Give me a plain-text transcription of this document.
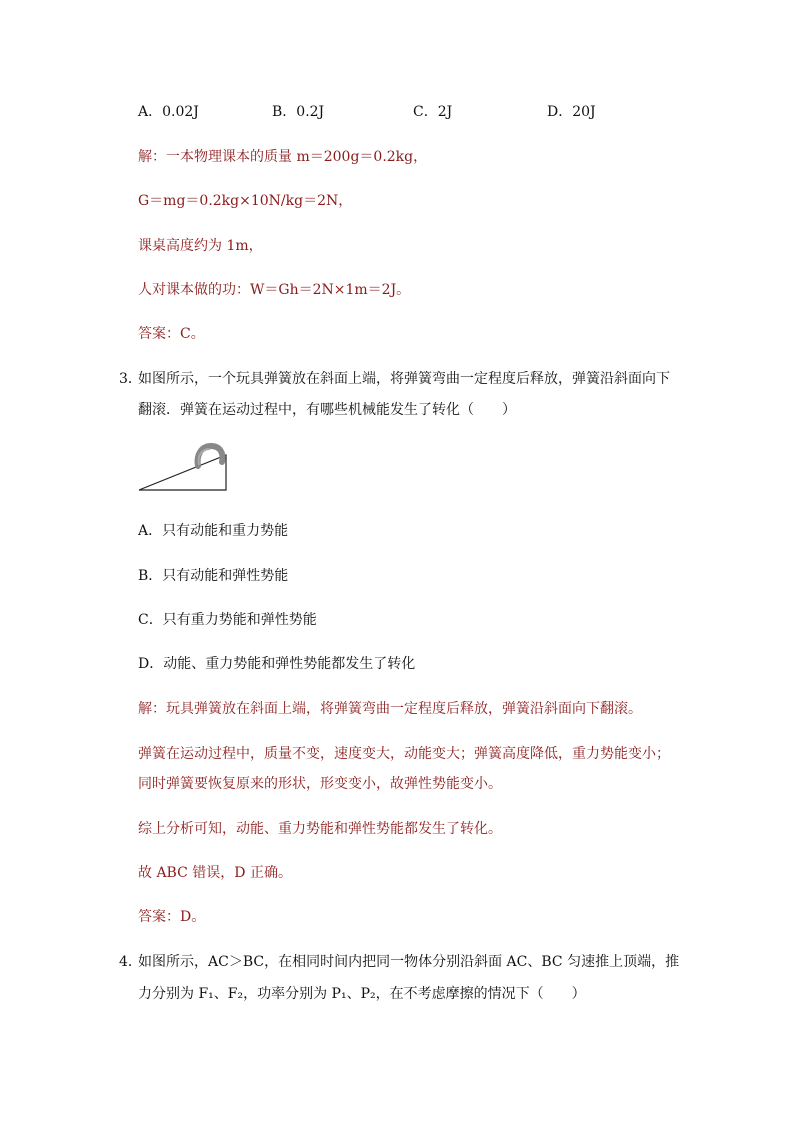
A．0.02J	B．0.2J	C．2J	D．20J
解：一本物理课本的质量 m＝200g＝0.2kg，
G＝mg＝0.2kg×10N/kg＝2N，
课桌高度约为 1m，
人对课本做的功：W＝Gh＝2N×1m＝2J。
答案：C。
3．
如图所示，一个玩具弹簧放在斜面上端，将弹簧弯曲一定程度后释放，弹簧沿斜面向下
翻滚．弹簧在运动过程中，有哪些机械能发生了转化（　　）
A．只有动能和重力势能
B．只有动能和弹性势能
C．只有重力势能和弹性势能
D．动能、重力势能和弹性势能都发生了转化
解：玩具弹簧放在斜面上端，将弹簧弯曲一定程度后释放，弹簧沿斜面向下翻滚。
弹簧在运动过程中，质量不变，速度变大，动能变大；弹簧高度降低，重力势能变小；
同时弹簧要恢复原来的形状，形变变小，故弹性势能变小。
综上分析可知，动能、重力势能和弹性势能都发生了转化。
故 ABC 错误，D 正确。
答案：D。
4．
如图所示，AC＞BC，在相同时间内把同一物体分别沿斜面 AC、BC 匀速推上顶端，推
力分别为 F₁、F₂，功率分别为 P₁、P₂，在不考虑摩擦的情况下（　　）
